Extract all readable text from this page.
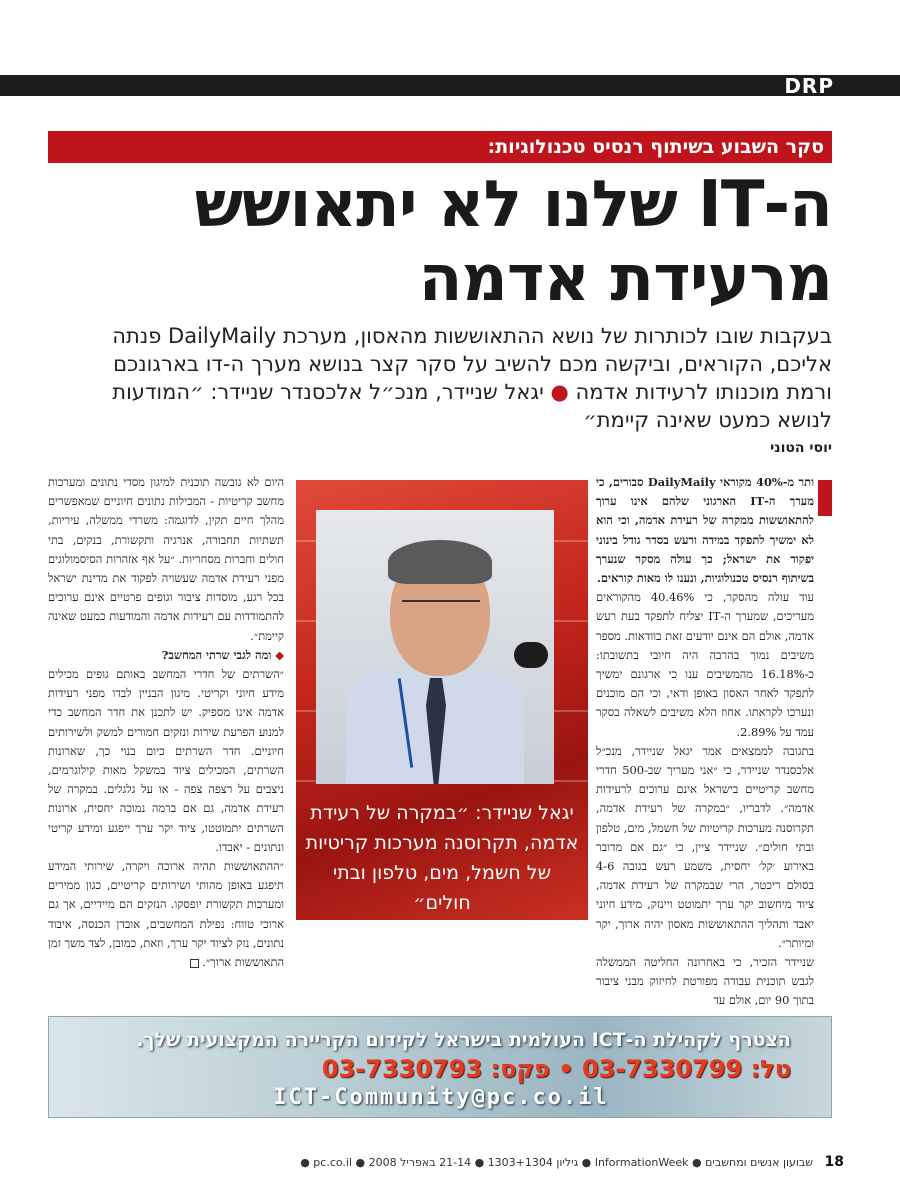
DRP
סקר השבוע בשיתוף רנסיס טכנולוגיות:
ה-IT שלנו לא יתאושש
מרעידת אדמה
בעקבות שובו לכותרות של נושא ההתאוששות מהאסון, מערכת DailyMaily פנתה אליכם, הקוראים, וביקשה מכם להשיב על סקר קצר בנושא מערך ה-דו בארגונכם ורמת מוכנותו לרעידות אדמה ● יגאל שניידר, מנכ״ל אלכסנדר שניידר: ״המודעות לנושא כמעט שאינה קיימת״
יוסי הטוני

ותר מ-40% מקוראי DailyMaily סבורים, כי מערך ה-IT הארגוני שלהם אינו ערוך להתאוששות ממקרה של רעידת אדמה, וכי הוא לא ימשיך לתפקד במידה ורעש בסדר גודל בינוני יפקוד את ישראל; כך עולה מסקר שנערך בשיתוף רנסיס טכנולוגיות, ונענו לו מאות קוראים.

עוד עולה מהסקר, כי 40.46% מהקוראים מעריכים, שמערך ה-IT יצליח לתפקד בעת רעש אדמה, אולם הם אינם יודעים זאת בוודאות. מספר משיבים נמוך בהרבה היה חיובי בתשובתו: כ-16.18% מהמשיבים ענו כי ארגונם ימשיך לתפקד לאחר האסון באופן ודאי, וכי הם מוכנים ונערכו לקראתו. אחוז הלא משיבים לשאלה בסקר עמד על 2.89%.

בתגובה לממצאים אמר יגאל שניידר, מנכ״ל אלכסנדר שניידר, כי ״אני מעריך שב-500 חדרי מחשב קריטיים בישראל אינם ערוכים לרעידות אדמה״. לדבריו, ״במקרה של רעידת אדמה, תקרוסנה מערכות קריטיות של חשמל, מים, טלפון ובתי חולים״. שניידר ציין, כי ״גם אם מדובר באירוע ׳קל׳ יחסית, משמע רעש בגובה 4-6 בסולם ריכטר, הרי שבמקרה של רעידת אדמה, ציוד מיחשוב יקר ערך יתמוטט ויינזק, מידע חיוני יאבד ותהליך ההתאוששות מאסון יהיה ארוך, יקר ומיותר״.

שניידר הזכיר, כי באחרונה החליטה הממשלה לגבש תוכנית עבודה מפורטת לחיזוק מבני ציבור בתוך 90 יום, אולם עד

יגאל שניידר: ״במקרה של רעידת אדמה, תקרוסנה מערכות קריטיות של חשמל, מים, טלפון ובתי חולים״

היום לא גובשה תוכנית למיגון מסדי נתונים ומערכות מחשב קריטיות - המכילות נתונים חיוניים שמאפשרים מהלך חיים תקין, לדוגמה: משרדי ממשלה, עיריות, תשתיות תחבורה, אנרגיה ותקשורת, בנקים, בתי חולים וחברות מסחריות. ״על אף אזהרות הסיסמולוגים מפני רעידת אדמה שעשויה לפקוד את מדינת ישראל בכל רגע, מוסדות ציבור וגופים פרטיים אינם ערוכים להתמודדות עם רעידות אדמה והמודעות כמעט שאינה קיימת״.

◆ ומה לגבי שרתי המחשב?

״השרתים של חדרי המחשב באותם גופים מכילים מידע חיוני וקריטי. מיגון הבניין לבדו מפני רעידות אדמה אינו מספיק. יש לתכנן את חדר המחשב כדי למנוע הפרעת שירות ונזקים חמורים למשק ולשירותים חיוניים. חדר השרתים כיום בנוי כך, שארונות השרתים, המכילים ציוד במשקל מאות קילוגרמים, ניצבים על רצפה צפה - או על גלגלים. במקרה של רעידת אדמה, גם אם ברמה נמוכה יחסית, ארונות השרתים יתמוטטו, ציוד יקר ערך ייפגע ומידע קריטי ונתונים - יאבדו.

״ההתאוששות תהיה ארוכה ויקרה, שירותי המידע תיפגע באופן מהותי ושירותים קריטיים, כגון ממירים ומערכות תקשורת יופסקו. הנזקים הם מיידיים, אך גם ארוכי טווח: נפילת המחשבים, אובדן הכנסה, איבוד נתונים, נזק לציוד יקר ערך, וזאת, כמובן, לצד משך זמן התאוששות ארוך״.

הצטרף לקהילת ה-ICT העולמית בישראל לקידום הקריירה המקצועית שלך.
טל: 03-7330799 • פקס: 03-7330793
ICT-Community@pc.co.il
18 שבועון אנשים ומחשבים ● InformationWeek ● גיליון 1303+1304 ● 21-14 באפריל 2008 ● pc.co.il ●
